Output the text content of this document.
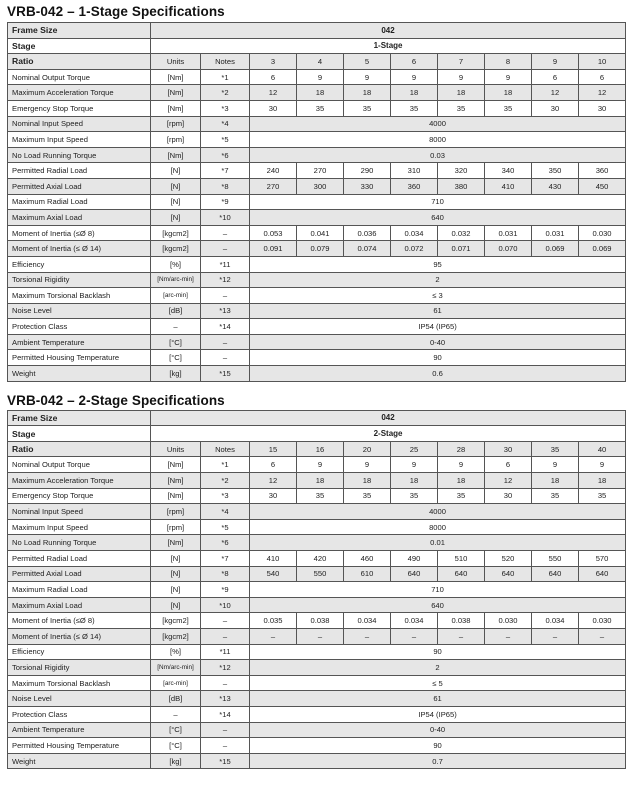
VRB-042 – 1-Stage Specifications
Frame Size	042									
Stage	1-Stage									
Ratio	Units	Notes	3	4	5	6	7	8	9	10
Nominal Output Torque	[Nm]	*1	6	9	9	9	9	9	6	6
Maximum Acceleration Torque	[Nm]	*2	12	18	18	18	18	18	12	12
Emergency Stop Torque	[Nm]	*3	30	35	35	35	35	35	30	30
Nominal Input Speed	[rpm]	*4	4000							
Maximum Input Speed	[rpm]	*5	8000							
No Load Running Torque	[Nm]	*6	0.03							
Permitted Radial Load	[N]	*7	240	270	290	310	320	340	350	360
Permitted Axial Load	[N]	*8	270	300	330	360	380	410	430	450
Maximum Radial Load	[N]	*9	710							
Maximum Axial Load	[N]	*10	640							
Moment of Inertia (≤Ø 8)	[kgcm2]	–	0.053	0.041	0.036	0.034	0.032	0.031	0.031	0.030
Moment of Inertia (≤ Ø 14)	[kgcm2]	–	0.091	0.079	0.074	0.072	0.071	0.070	0.069	0.069
Efficiency	[%]	*11	95							
Torsional Rigidity	[Nm/arc-min]	*12	2							
Maximum Torsional Backlash	[arc-min]	–	≤ 3							
Noise Level	[dB]	*13	61							
Protection Class	–	*14	IP54 (IP65)							
Ambient Temperature	[°C]	–	0-40							
Permitted Housing Temperature	[°C]	–	90							
Weight	[kg]	*15	0.6							
VRB-042 – 2-Stage Specifications
Frame Size	042									
Stage	2-Stage									
Ratio	Units	Notes	15	16	20	25	28	30	35	40
Nominal Output Torque	[Nm]	*1	6	9	9	9	9	6	9	9
Maximum Acceleration Torque	[Nm]	*2	12	18	18	18	18	12	18	18
Emergency Stop Torque	[Nm]	*3	30	35	35	35	35	30	35	35
Nominal Input Speed	[rpm]	*4	4000							
Maximum Input Speed	[rpm]	*5	8000							
No Load Running Torque	[Nm]	*6	0.01							
Permitted Radial Load	[N]	*7	410	420	460	490	510	520	550	570
Permitted Axial Load	[N]	*8	540	550	610	640	640	640	640	640
Maximum Radial Load	[N]	*9	710							
Maximum Axial Load	[N]	*10	640							
Moment of Inertia (≤Ø 8)	[kgcm2]	–	0.035	0.038	0.034	0.034	0.038	0.030	0.034	0.030
Moment of Inertia (≤ Ø 14)	[kgcm2]	–	–	–	–	–	–	–	–	–
Efficiency	[%]	*11	90							
Torsional Rigidity	[Nm/arc-min]	*12	2							
Maximum Torsional Backlash	[arc-min]	–	≤ 5							
Noise Level	[dB]	*13	61							
Protection Class	–	*14	IP54 (IP65)							
Ambient Temperature	[°C]	–	0-40							
Permitted Housing Temperature	[°C]	–	90							
Weight	[kg]	*15	0.7							
